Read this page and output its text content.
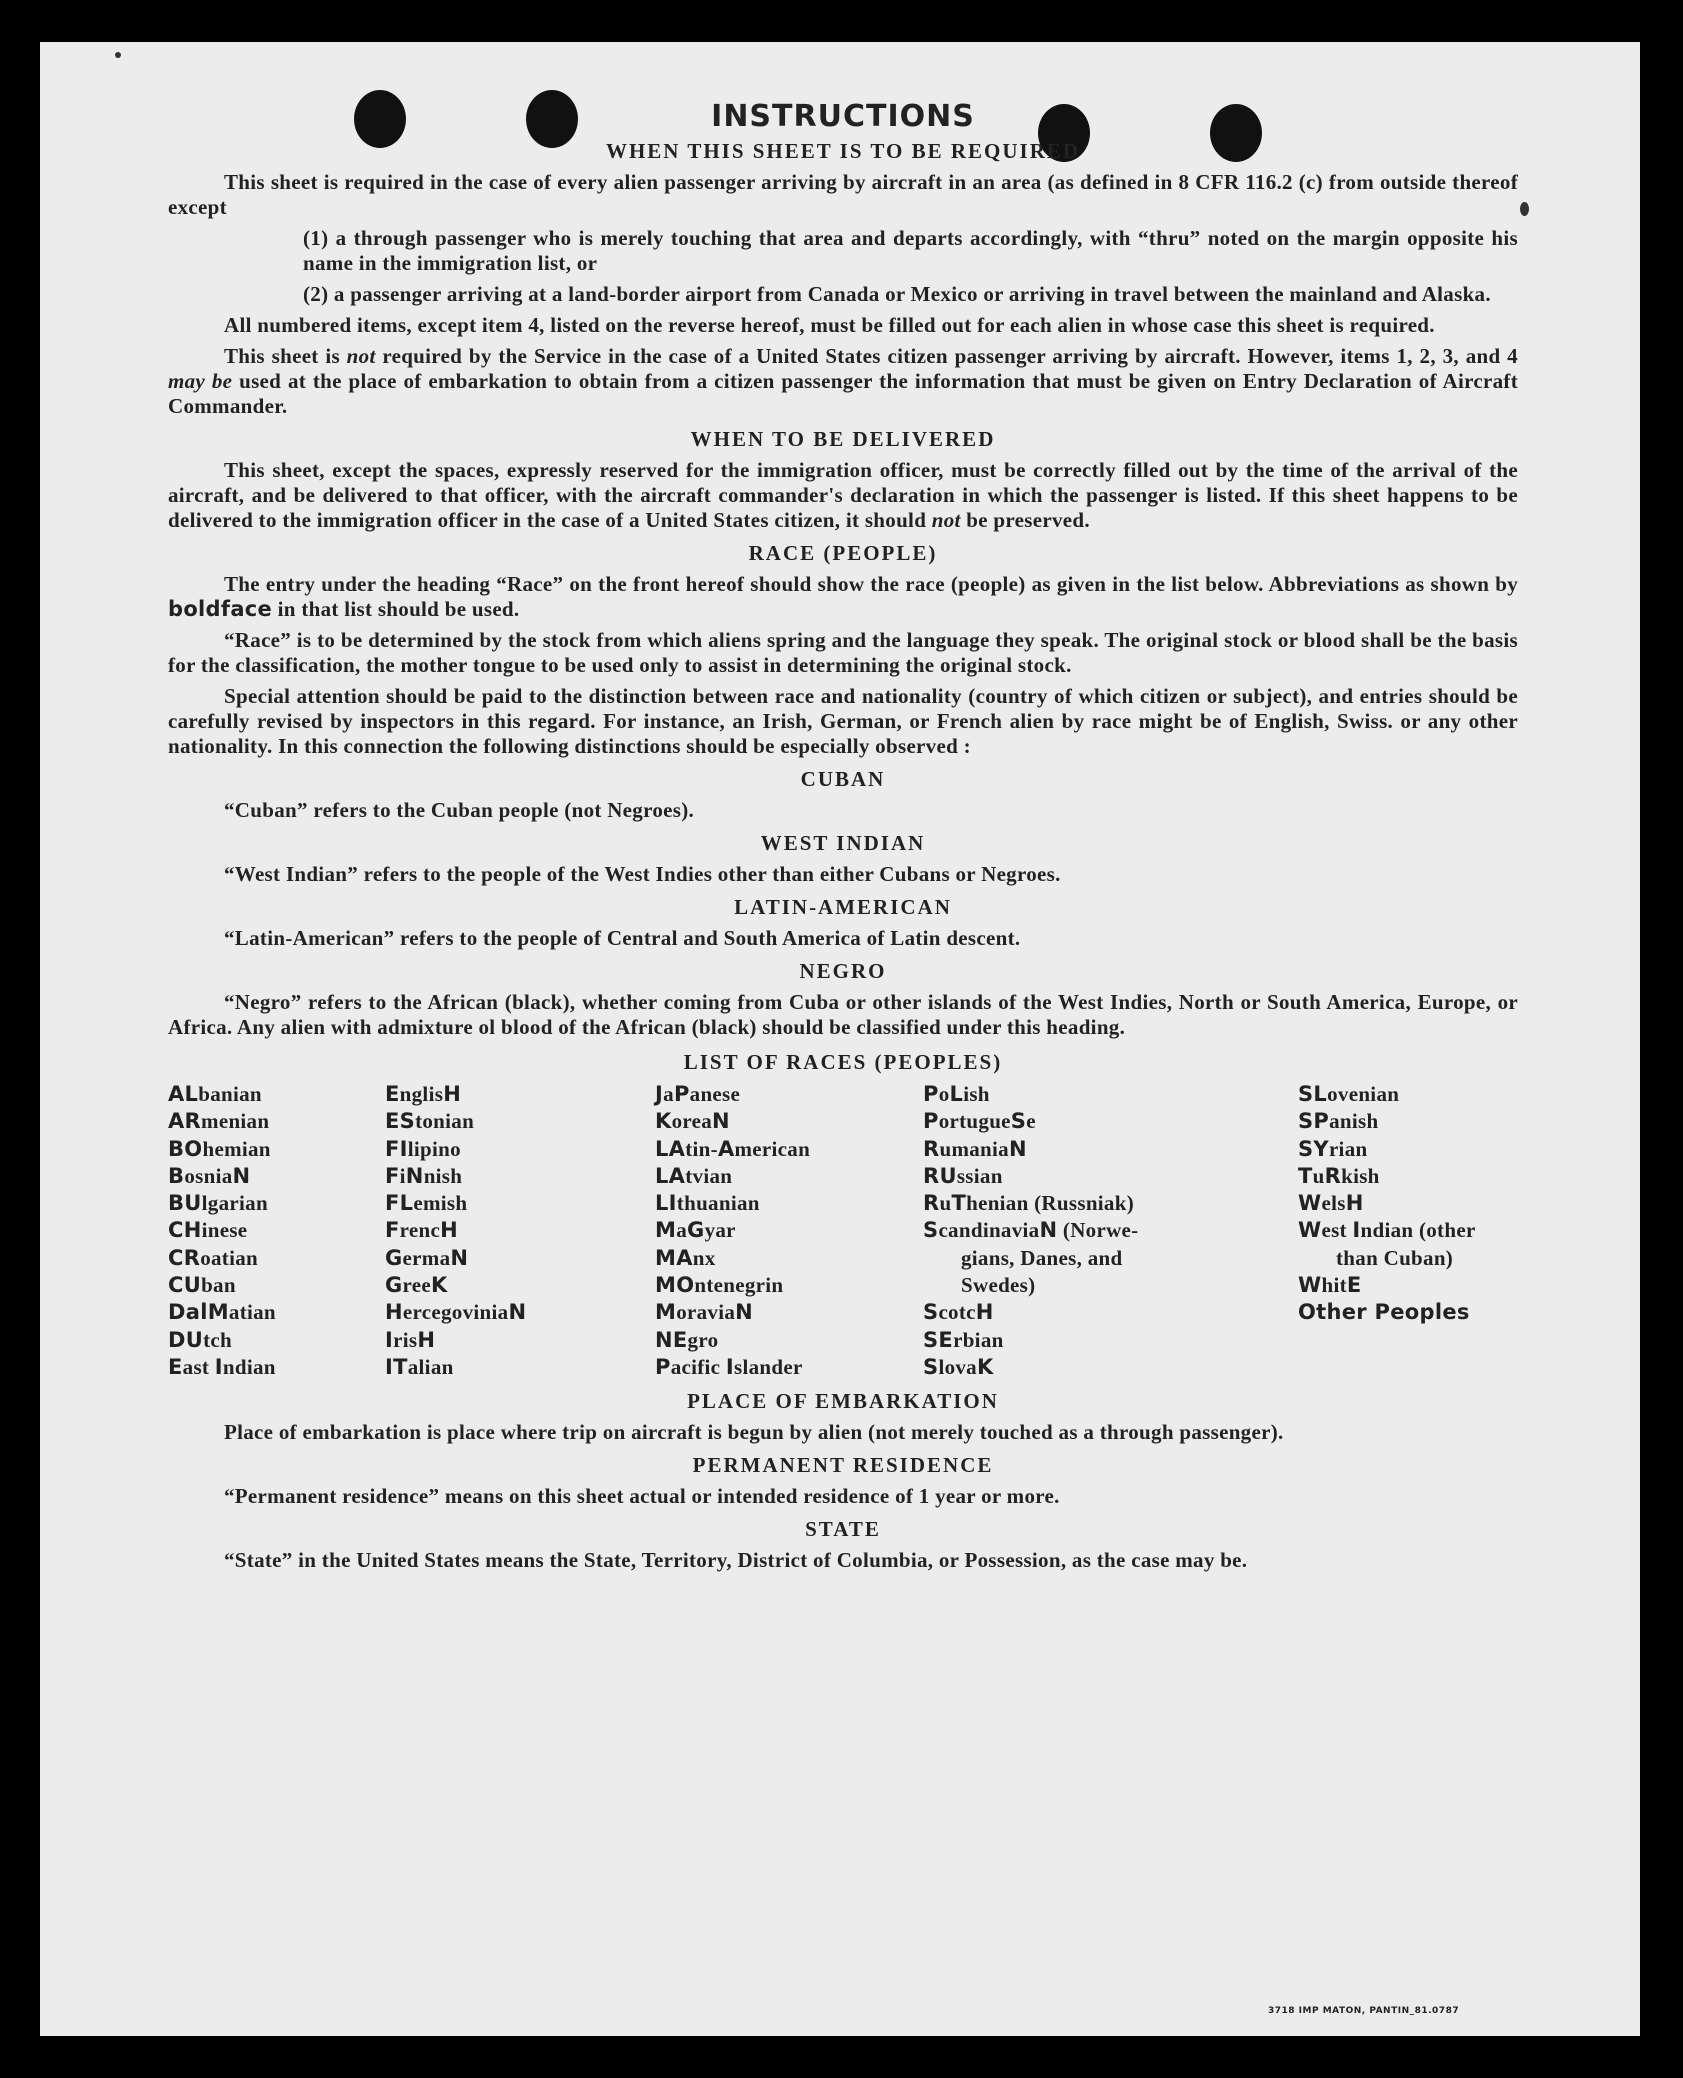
INSTRUCTIONS
WHEN THIS SHEET IS TO BE REQUIRED

This sheet is required in the case of every alien passenger arriving by aircraft in an area (as defined in 8 CFR 116.2 (c) from outside thereof except

(1) a through passenger who is merely touching that area and departs accordingly, with “thru” noted on the margin opposite his name in the immigration list, or
(2) a passenger arriving at a land-border airport from Canada or Mexico or arriving in travel between the mainland and Alaska.

All numbered items, except item 4, listed on the reverse hereof, must be filled out for each alien in whose case this sheet is required.

This sheet is not required by the Service in the case of a United States citizen passenger arriving by aircraft. However, items 1, 2, 3, and 4 may be used at the place of embarkation to obtain from a citizen passenger the information that must be given on Entry Declaration of Aircraft Commander.

WHEN TO BE DELIVERED

This sheet, except the spaces, expressly reserved for the immigration officer, must be correctly filled out by the time of the arrival of the aircraft, and be delivered to that officer, with the aircraft commander's declaration in which the passenger is listed. If this sheet happens to be delivered to the immigration officer in the case of a United States citizen, it should not be preserved.

RACE (PEOPLE)

The entry under the heading “Race” on the front hereof should show the race (people) as given in the list below. Abbreviations as shown by boldface in that list should be used.

“Race” is to be determined by the stock from which aliens spring and the language they speak. The original stock or blood shall be the basis for the classification, the mother tongue to be used only to assist in determining the original stock.

Special attention should be paid to the distinction between race and nationality (country of which citizen or subject), and entries should be carefully revised by inspectors in this regard. For instance, an Irish, German, or French alien by race might be of English, Swiss. or any other nationality. In this connection the following distinctions should be especially observed :

CUBAN

“Cuban” refers to the Cuban people (not Negroes).

WEST INDIAN

“West Indian” refers to the people of the West Indies other than either Cubans or Negroes.

LATIN-AMERICAN

“Latin-American” refers to the people of Central and South America of Latin descent.

NEGRO

“Negro” refers to the African (black), whether coming from Cuba or other islands of the West Indies, North or South America, Europe, or Africa. Any alien with admixture ol blood of the African (black) should be classified under this heading.

LIST OF RACES (PEOPLES)
ALbanian
ARmenian
BOhemian
BosniaN
BUlgarian
CHinese
CRoatian
CUban
DalMatian
DUtch
East Indian
EnglisH
EStonian
FIlipino
FiNnish
FLemish
FrencH
GermaN
GreeK
HercegoviniaN
IrisH
ITalian
JaPanese
KoreaN
LAtin-American
LAtvian
LIthuanian
MaGyar
MAnx
MOntenegrin
MoraviaN
NEgro
Pacific Islander
PoLish
PortugueSe
RumaniaN
RUssian
RuThenian (Russniak)
ScandinaviaN (Norwe-
gians, Danes, and
Swedes)
ScotcH
SErbian
SlovaK
SLovenian
SPanish
SYrian
TuRkish
WelsH
West Indian (other
than Cuban)
WhitE
Other Peoples
PLACE OF EMBARKATION

Place of embarkation is place where trip on aircraft is begun by alien (not merely touched as a through passenger).

PERMANENT RESIDENCE

“Permanent residence” means on this sheet actual or intended residence of 1 year or more.

STATE

“State” in the United States means the State, Territory, District of Columbia, or Possession, as the case may be.

3718 IMP MATON, PANTIN_81.0787
